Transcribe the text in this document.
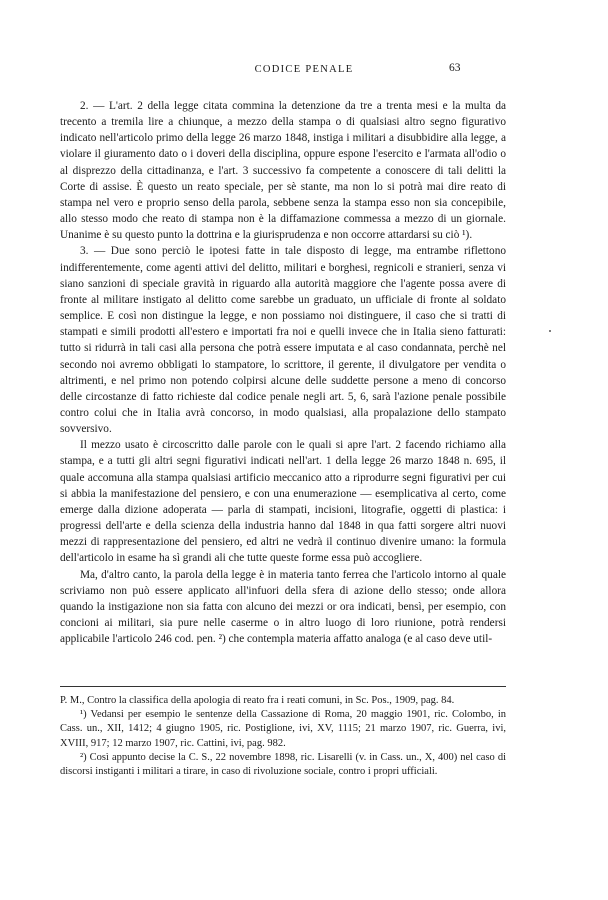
CODICE PENALE	63

2. — L'art. 2 della legge citata commina la detenzione da tre a trenta mesi e la multa da trecento a tremila lire a chiunque, a mezzo della stampa o di qualsiasi altro segno figurativo indicato nell'articolo primo della legge 26 marzo 1848, instiga i militari a disubbidire alla legge, a violare il giuramento dato o i doveri della disciplina, oppure espone l'esercito e l'armata all'odio o al disprezzo della cittadinanza, e l'art. 3 successivo fa competente a conoscere di tali delitti la Corte di assise. È questo un reato speciale, per sè stante, ma non lo si potrà mai dire reato di stampa nel vero e proprio senso della parola, sebbene senza la stampa esso non sia concepibile, allo stesso modo che reato di stampa non è la diffamazione commessa a mezzo di un giornale. Unanime è su questo punto la dottrina e la giurisprudenza e non occorre attardarsi su ciò ¹).

3. — Due sono perciò le ipotesi fatte in tale disposto di legge, ma entrambe riflettono indifferentemente, come agenti attivi del delitto, militari e borghesi, regnicoli e stranieri, senza vi siano sanzioni di speciale gravità in riguardo alla autorità maggiore che l'agente possa avere di fronte al militare instigato al delitto come sarebbe un graduato, un ufficiale di fronte al soldato semplice. E così non distingue la legge, e non possiamo noi distinguere, il caso che si tratti di stampati e simili prodotti all'estero e importati fra noi e quelli invece che in Italia sieno fatturati: tutto si ridurrà in tali casi alla persona che potrà essere imputata e al caso condannata, perchè nel secondo noi avremo obbligati lo stampatore, lo scrittore, il gerente, il divulgatore per vendita o altrimenti, e nel primo non potendo colpirsi alcune delle suddette persone a meno di concorso delle circostanze di fatto richieste dal codice penale negli art. 5, 6, sarà l'azione penale possibile contro colui che in Italia avrà concorso, in modo qualsiasi, alla propalazione dello stampato sovversivo.

Il mezzo usato è circoscritto dalle parole con le quali si apre l'art. 2 facendo richiamo alla stampa, e a tutti gli altri segni figurativi indicati nell'art. 1 della legge 26 marzo 1848 n. 695, il quale accomuna alla stampa qualsiasi artificio meccanico atto a riprodurre segni figurativi per cui si abbia la manifestazione del pensiero, e con una enumerazione — esemplicativa al certo, come emerge dalla dizione adoperata — parla di stampati, incisioni, litografie, oggetti di plastica: i progressi dell'arte e della scienza della industria hanno dal 1848 in qua fatti sorgere altri nuovi mezzi di rappresentazione del pensiero, ed altri ne vedrà il continuo divenire umano: la formula dell'articolo in esame ha sì grandi ali che tutte queste forme essa può accogliere.

Ma, d'altro canto, la parola della legge è in materia tanto ferrea che l'articolo intorno al quale scriviamo non può essere applicato all'infuori della sfera di azione dello stesso; onde allora quando la instigazione non sia fatta con alcuno dei mezzi or ora indicati, bensì, per esempio, con concioni ai militari, sia pure nelle caserme o in altro luogo di loro riunione, potrà rendersi applicabile l'articolo 246 cod. pen. ²) che contempla materia affatto analoga (e al caso deve util-

P. M., Contro la classifica della apologia di reato fra i reati comuni, in Sc. Pos., 1909, pag. 84.

¹) Vedansi per esempio le sentenze della Cassazione di Roma, 20 maggio 1901, ric. Colombo, in Cass. un., XII, 1412; 4 giugno 1905, ric. Postiglione, ivi, XV, 1115; 21 marzo 1907, ric. Guerra, ivi, XVIII, 917; 12 marzo 1907, ric. Cattini, ivi, pag. 982.

²) Così appunto decise la C. S., 22 novembre 1898, ric. Lisarelli (v. in Cass. un., X, 400) nel caso di discorsi instiganti i militari a tirare, in caso di rivoluzione sociale, contro i propri ufficiali.
